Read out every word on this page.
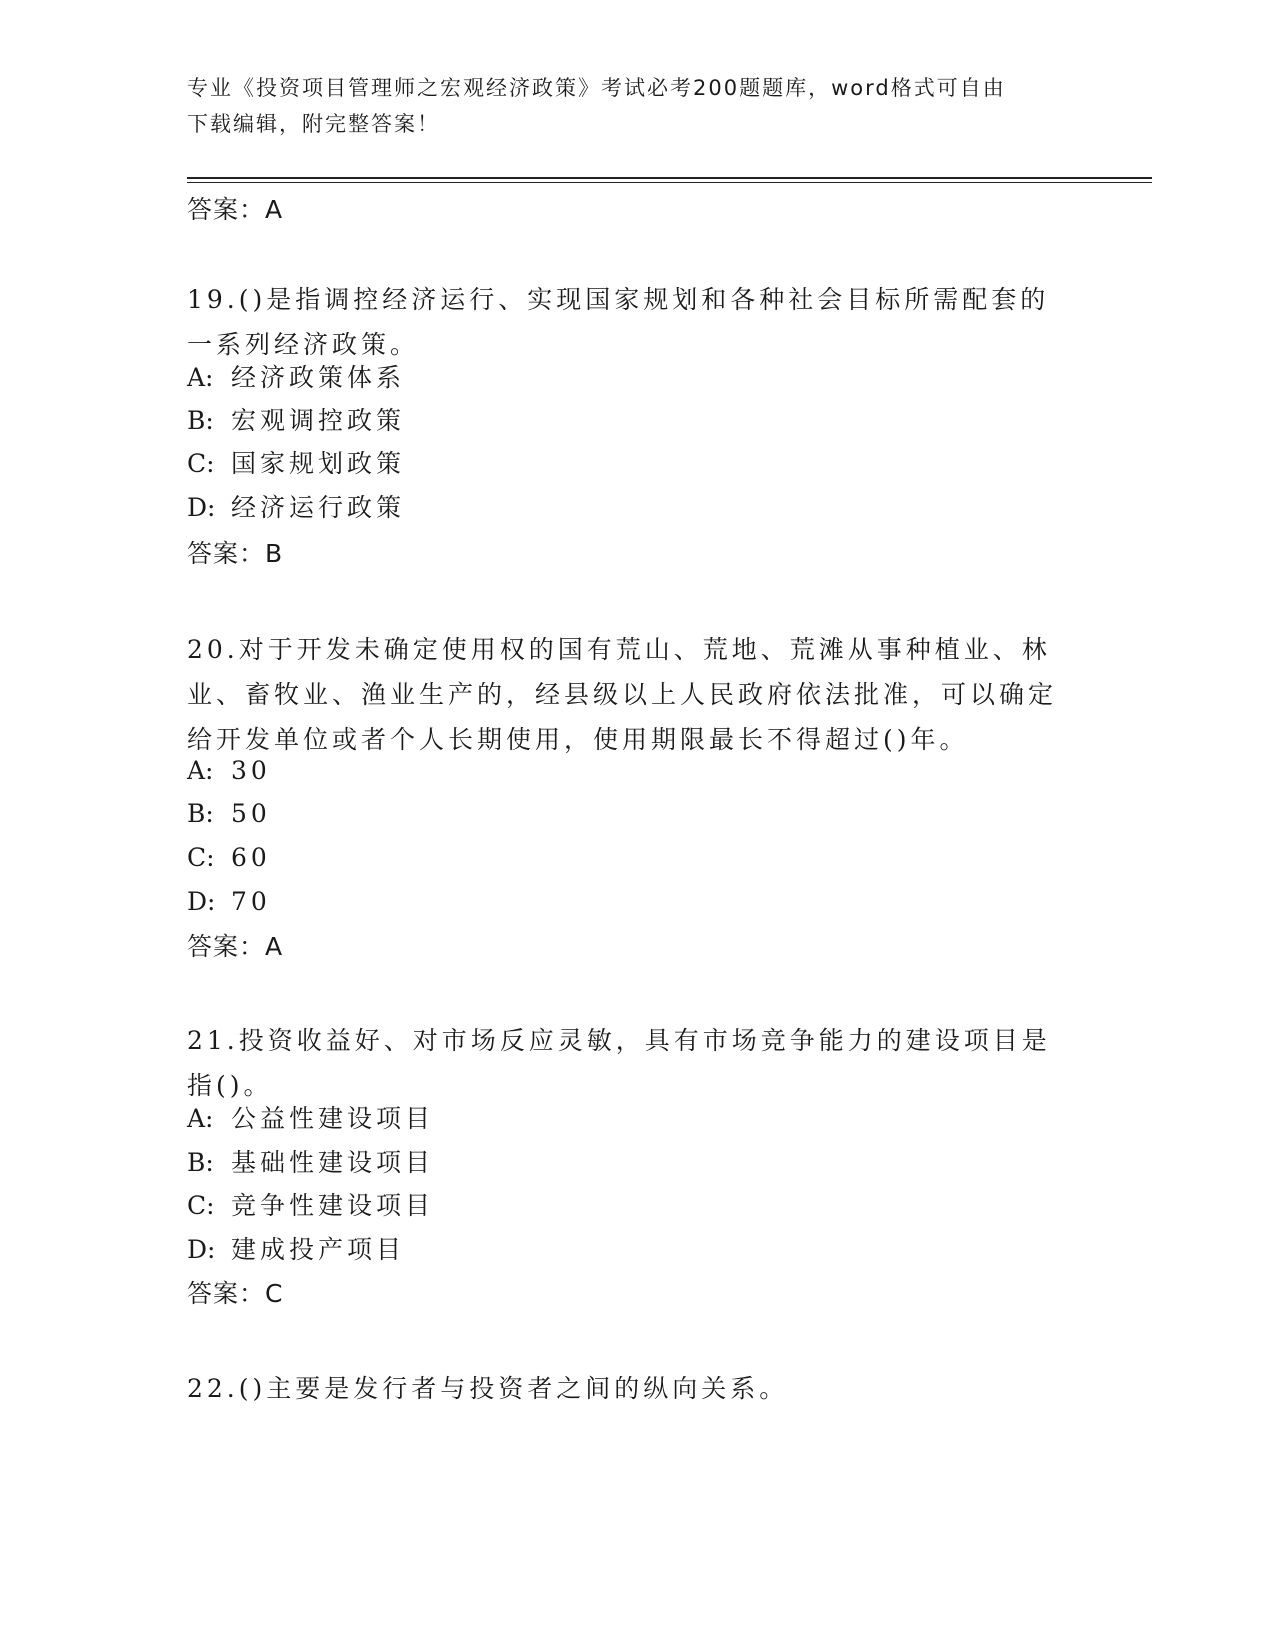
专业《投资项目管理师之宏观经济政策》考试必考200题题库，word格式可自由
下载编辑，附完整答案！
答案：A
19.()是指调控经济运行、实现国家规划和各种社会目标所需配套的一系列经济政策。
A: 经济政策体系
B: 宏观调控政策
C: 国家规划政策
D: 经济运行政策
答案：B
20.对于开发未确定使用权的国有荒山、荒地、荒滩从事种植业、林业、畜牧业、渔业生产的，经县级以上人民政府依法批准，可以确定给开发单位或者个人长期使用，使用期限最长不得超过()年。
A: 30
B: 50
C: 60
D: 70
答案：A
21.投资收益好、对市场反应灵敏，具有市场竞争能力的建设项目是指()。
A: 公益性建设项目
B: 基础性建设项目
C: 竞争性建设项目
D: 建成投产项目
答案：C
22.()主要是发行者与投资者之间的纵向关系。
